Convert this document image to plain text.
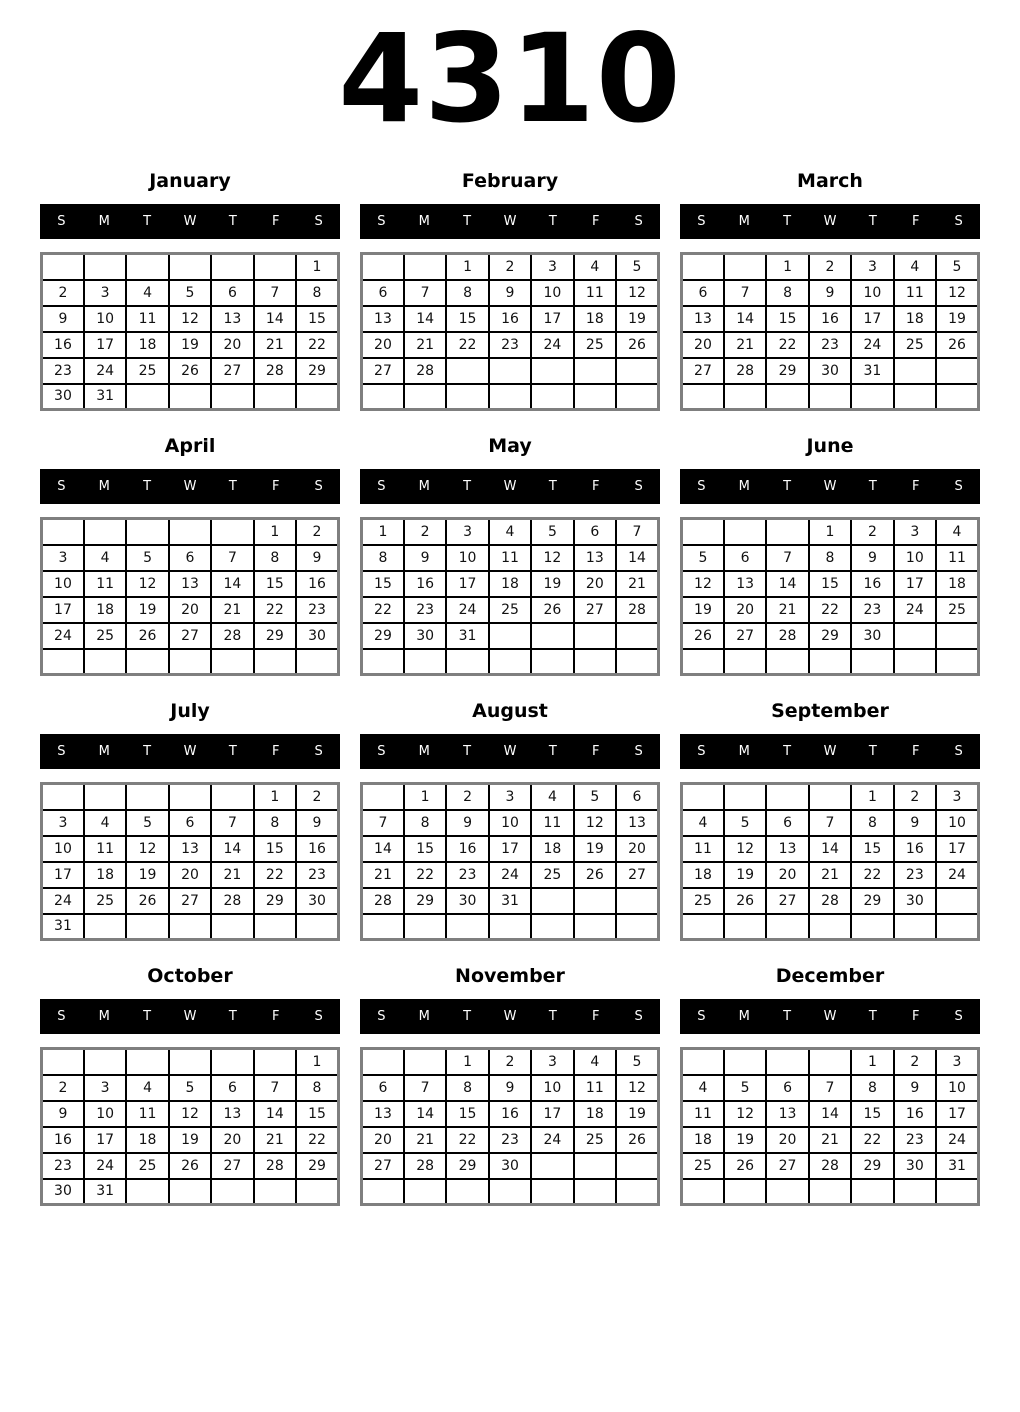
4310
January
S	M	T	W	T	F	S
						1
2	3	4	5	6	7	8
9	10	11	12	13	14	15
16	17	18	19	20	21	22
23	24	25	26	27	28	29
30	31					
February
S	M	T	W	T	F	S
		1	2	3	4	5
6	7	8	9	10	11	12
13	14	15	16	17	18	19
20	21	22	23	24	25	26
27	28					

March
S	M	T	W	T	F	S
		1	2	3	4	5
6	7	8	9	10	11	12
13	14	15	16	17	18	19
20	21	22	23	24	25	26
27	28	29	30	31		

April
S	M	T	W	T	F	S
					1	2
3	4	5	6	7	8	9
10	11	12	13	14	15	16
17	18	19	20	21	22	23
24	25	26	27	28	29	30

May
S	M	T	W	T	F	S
1	2	3	4	5	6	7
8	9	10	11	12	13	14
15	16	17	18	19	20	21
22	23	24	25	26	27	28
29	30	31				

June
S	M	T	W	T	F	S
			1	2	3	4
5	6	7	8	9	10	11
12	13	14	15	16	17	18
19	20	21	22	23	24	25
26	27	28	29	30		

July
S	M	T	W	T	F	S
					1	2
3	4	5	6	7	8	9
10	11	12	13	14	15	16
17	18	19	20	21	22	23
24	25	26	27	28	29	30
31						
August
S	M	T	W	T	F	S
	1	2	3	4	5	6
7	8	9	10	11	12	13
14	15	16	17	18	19	20
21	22	23	24	25	26	27
28	29	30	31			

September
S	M	T	W	T	F	S
				1	2	3
4	5	6	7	8	9	10
11	12	13	14	15	16	17
18	19	20	21	22	23	24
25	26	27	28	29	30	

October
S	M	T	W	T	F	S
						1
2	3	4	5	6	7	8
9	10	11	12	13	14	15
16	17	18	19	20	21	22
23	24	25	26	27	28	29
30	31					
November
S	M	T	W	T	F	S
		1	2	3	4	5
6	7	8	9	10	11	12
13	14	15	16	17	18	19
20	21	22	23	24	25	26
27	28	29	30			

December
S	M	T	W	T	F	S
				1	2	3
4	5	6	7	8	9	10
11	12	13	14	15	16	17
18	19	20	21	22	23	24
25	26	27	28	29	30	31
